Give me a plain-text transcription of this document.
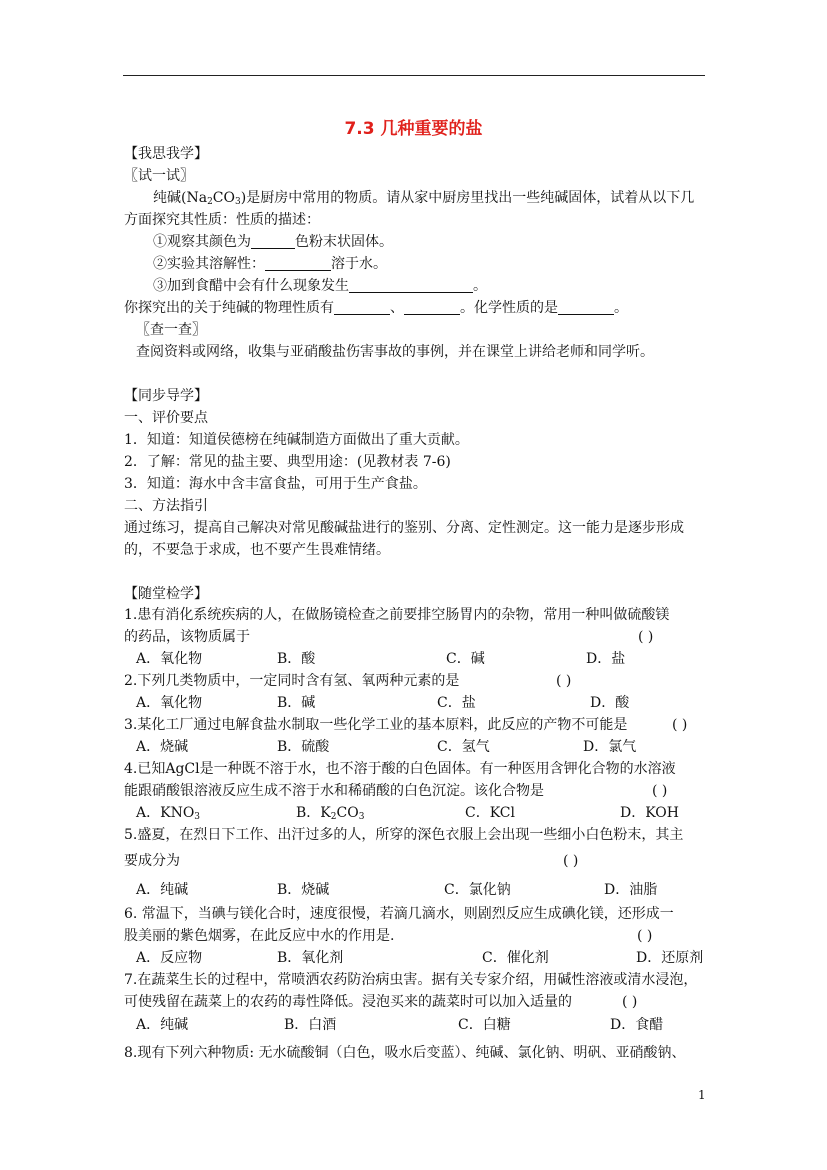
7.3 几种重要的盐
【我思我学】
〖试一试〗
纯碱$(Na_2CO_3)$是厨房中常用的物质。请从家中厨房里找出一些纯碱固体，试着从以下几
方面探究其性质：性质的描述：
①观察其颜色为	色粉末状固体。
②实验其溶解性：	溶于水。
③加到食醋中会有什么现象发生	。
你探究出的关于纯碱的物理性质有	、	。化学性质的是	。
〖查一查〗
查阅资料或网络，收集与亚硝酸盐伤害事故的事例，并在课堂上讲给老师和同学听。
【同步导学】
一、评价要点
1．知道：知道侯德榜在纯碱制造方面做出了重大贡献。
2．了解：常见的盐主要、典型用途：(见教材表 7-6)
3．知道：海水中含丰富食盐，可用于生产食盐。
二、方法指引
通过练习，提高自己解决对常见酸碱盐进行的鉴别、分离、定性测定。这一能力是逐步形成
的，不要急于求成，也不要产生畏难情绪。
【随堂检学】
1.患有消化系统疾病的人，在做肠镜检查之前要排空肠胃内的杂物，常用一种叫做硫酸镁
的药品，该物质属于	( )
A．氧化物	B．酸	C．碱	D．盐
2.下列几类物质中，一定同时含有氢、氧两种元素的是	( )
A．氧化物	B．碱	C．盐	D．酸
3.某化工厂通过电解食盐水制取一些化学工业的基本原料，此反应的产物不可能是	( )
A．烧碱	B．硫酸	C．氢气	D．氯气
4.已知AgCl是一种既不溶于水，也不溶于酸的白色固体。有一种医用含钾化合物的水溶液
能跟硝酸银溶液反应生成不溶于水和稀硝酸的白色沉淀。该化合物是	( )
A．$KNO_3$	B．$K_2CO_3$	C．KCl	D．KOH
5.盛夏，在烈日下工作、出汗过多的人，所穿的深色衣服上会出现一些细小白色粉末，其主
要成分为	( )
A．纯碱	B．烧碱	C．氯化钠	D．油脂
6. 常温下，当碘与镁化合时，速度很慢，若滴几滴水，则剧烈反应生成碘化镁，还形成一
股美丽的紫色烟雾，在此反应中水的作用是.	( )
A．反应物	B．氧化剂	C．催化剂	D．还原剂
7.在蔬菜生长的过程中，常喷洒农药防治病虫害。据有关专家介绍，用碱性溶液或清水浸泡，
可使残留在蔬菜上的农药的毒性降低。浸泡买来的蔬菜时可以加入适量的	( )
A．纯碱	B．白酒	C．白糖	D．食醋
8.现有下列六种物质: 无水硫酸铜（白色，吸水后变蓝）、纯碱、氯化钠、明矾、亚硝酸钠、
1
